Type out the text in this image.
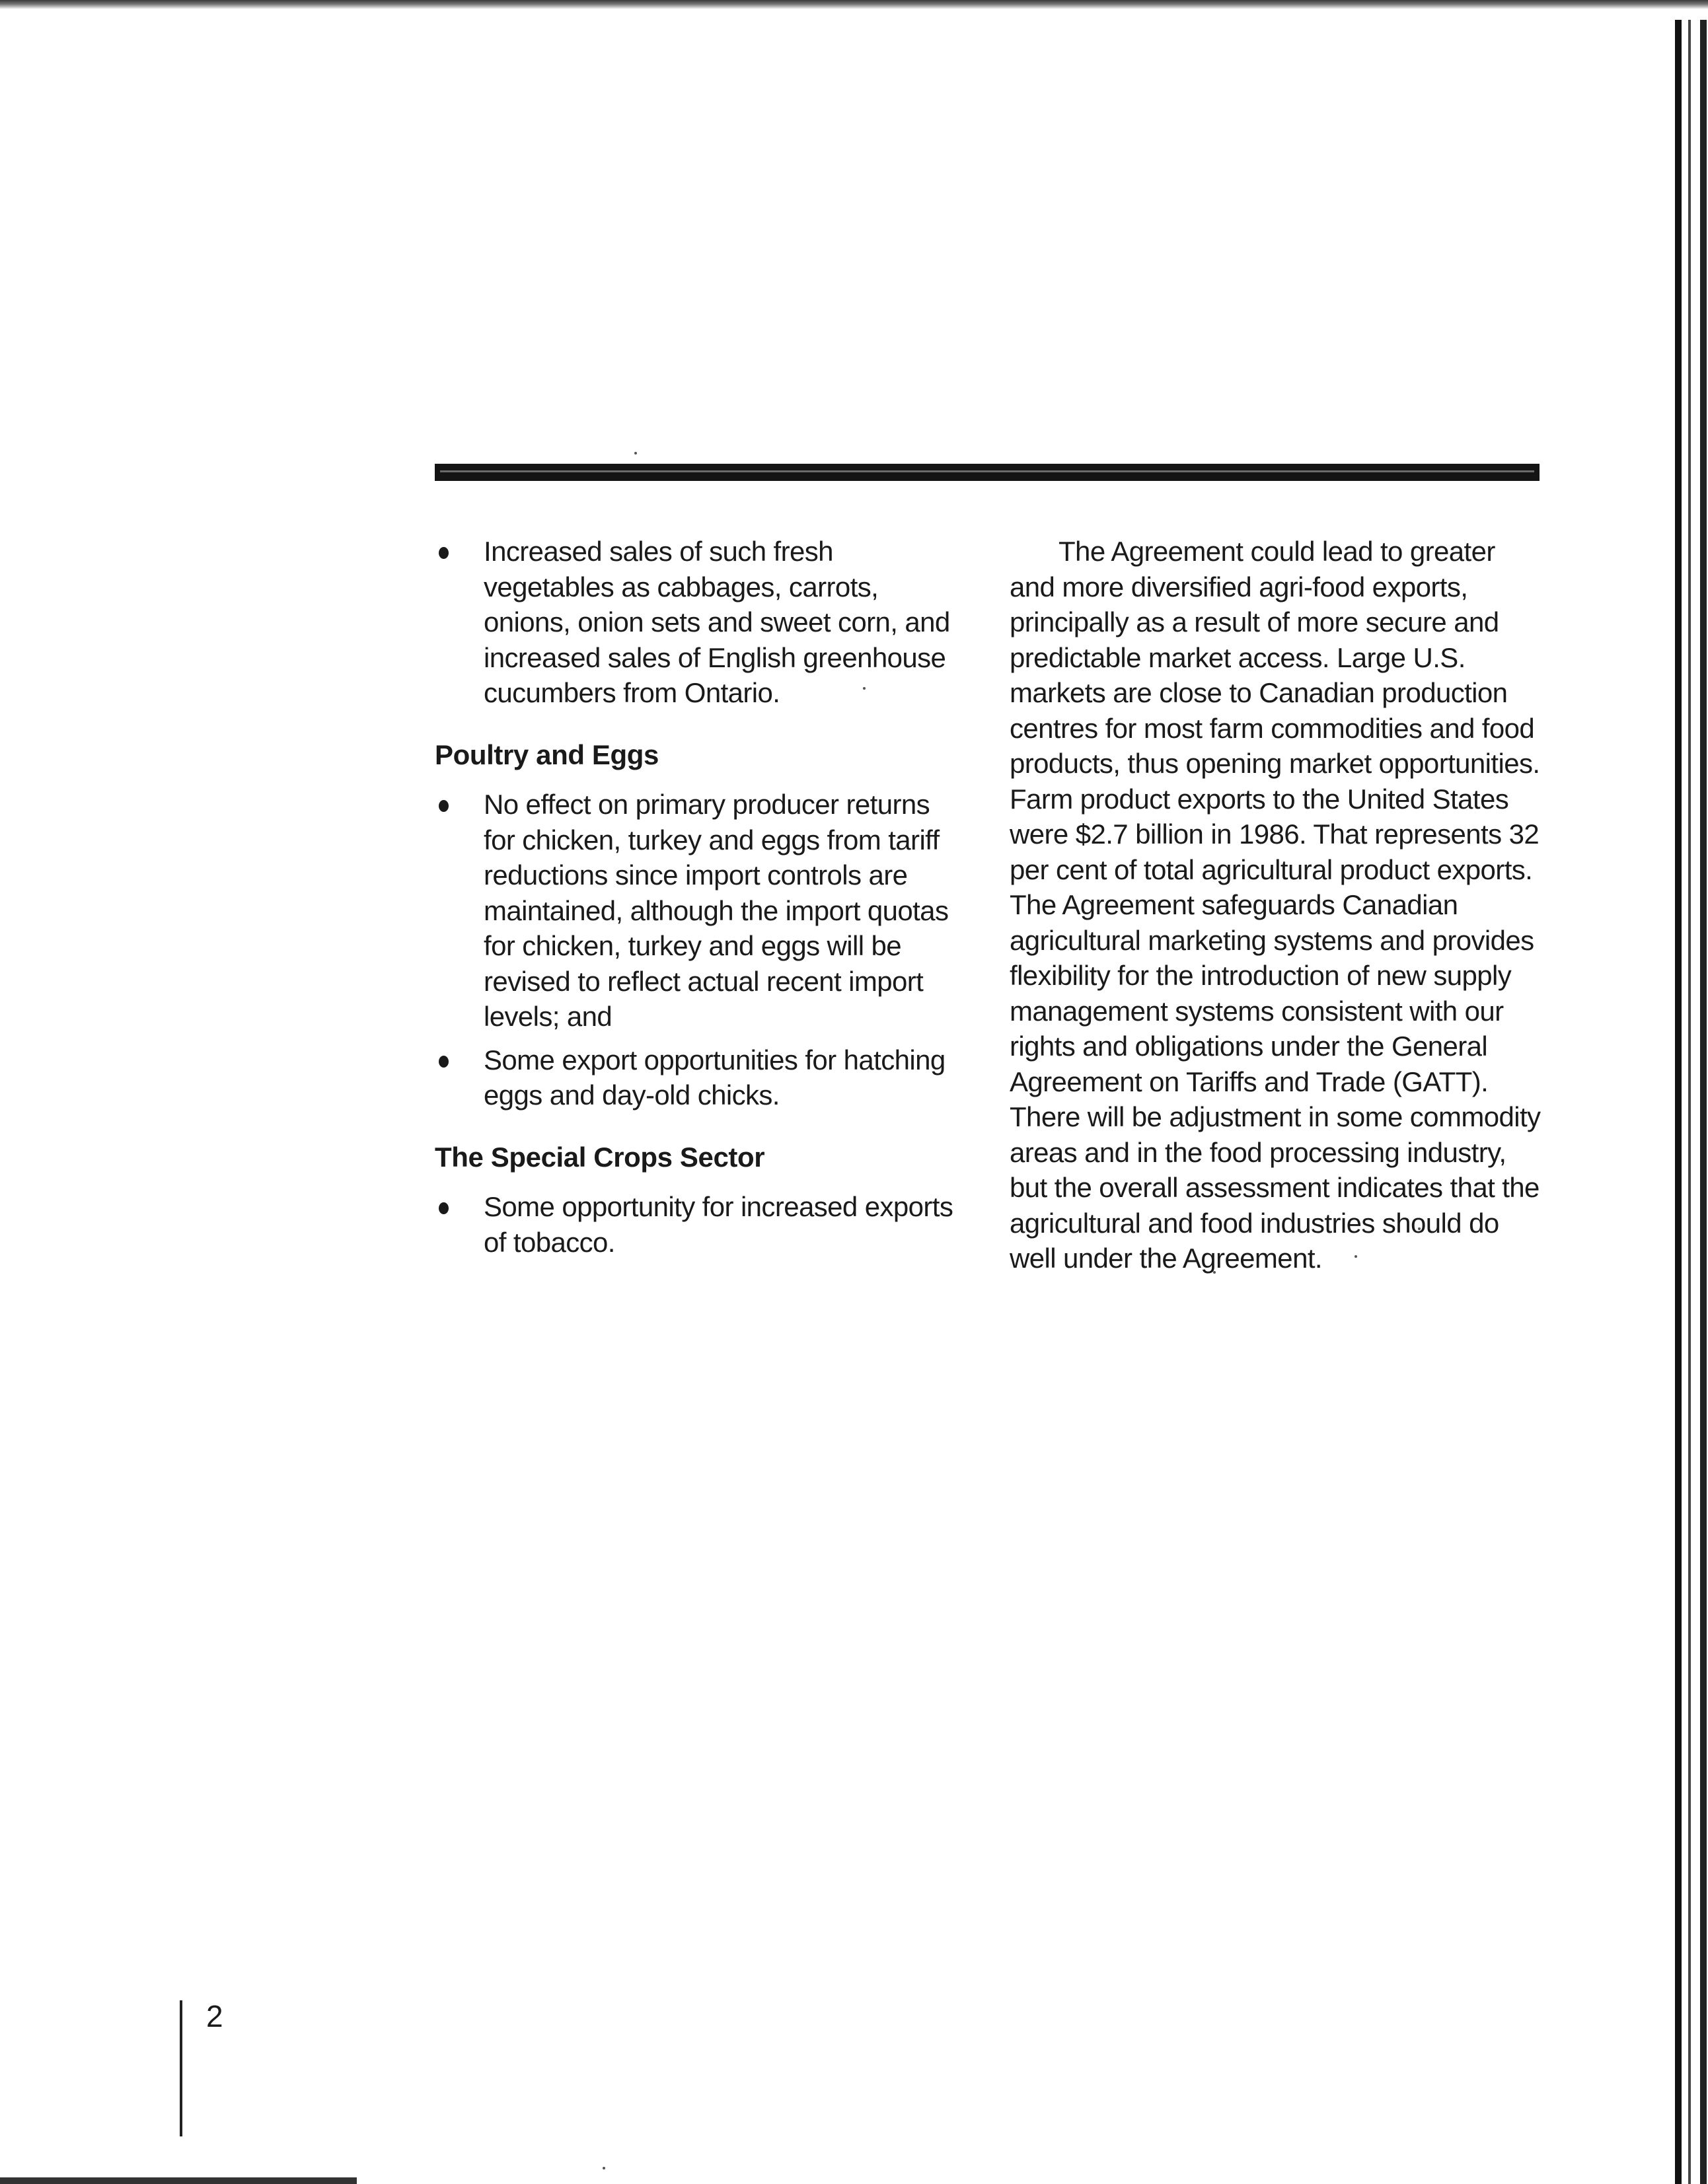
Increased sales of such fresh vegetables as cabbages, carrots, onions, onion sets and sweet corn, and increased sales of English greenhouse cucumbers from Ontario.
Poultry and Eggs
No effect on primary producer returns for chicken, turkey and eggs from tariff reductions since import controls are maintained, although the import quotas for chicken, turkey and eggs will be revised to reflect actual recent import levels; and
Some export opportunities for hatching eggs and day-old chicks.
The Special Crops Sector
Some opportunity for increased exports of tobacco.

The Agreement could lead to greater and more diversified agri-food exports, principally as a result of more secure and predictable market access. Large U.S. markets are close to Canadian production centres for most farm commodities and food products, thus opening market opportunities. Farm product exports to the United States were $2.7 billion in 1986. That represents 32 per cent of total agricultural product exports. The Agreement safeguards Canadian agricultural marketing systems and provides flexibility for the introduction of new supply management systems consistent with our rights and obligations under the General Agreement on Tariffs and Trade (GATT). There will be adjustment in some commodity areas and in the food processing industry, but the overall assessment indicates that the agricultural and food industries should do well under the Agreement.

2
